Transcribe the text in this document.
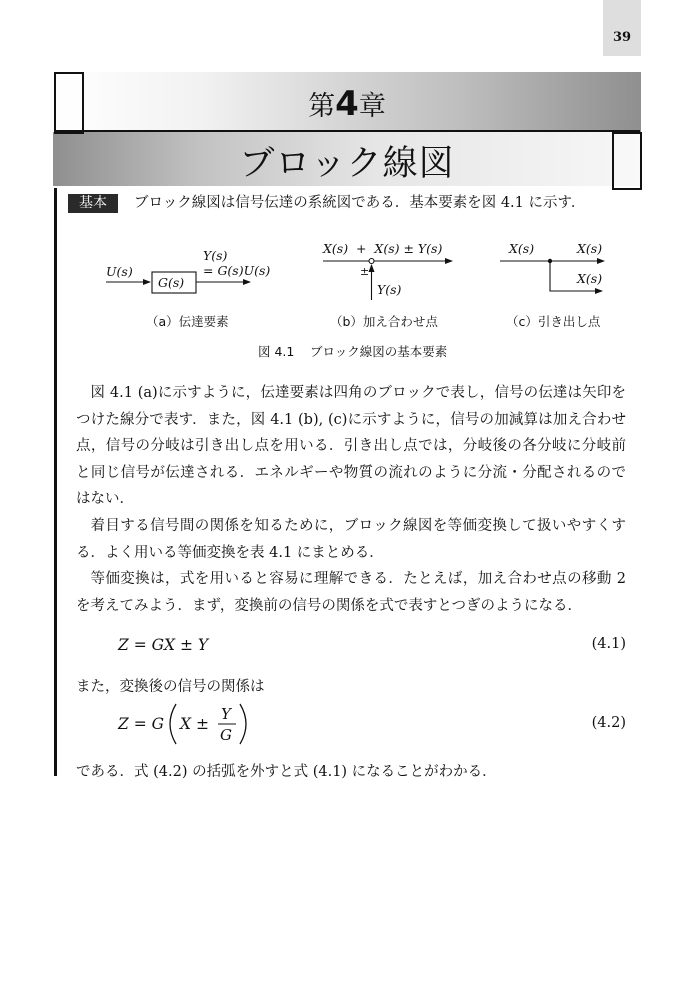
39
第4章
ブロック線図
基本	ブロック線図は信号伝達の系統図である．基本要素を図 4.1 に示す．
U(s)
G(s)
Y(s)
= G(s)U(s)
（a）伝達要素
X(s)  +  X(s) ± Y(s)
±
Y(s)
（b）加え合わせ点
X(s)	X(s)
X(s)
（c）引き出し点
図 4.1 ブロック線図の基本要素

図 4.1 (a)に示すように，伝達要素は四角のブロックで表し，信号の伝達は矢印をつけた線分で表す．また，図 4.1 (b), (c)に示すように，信号の加減算は加え合わせ点，信号の分岐は引き出し点を用いる．引き出し点では，分岐後の各分岐に分岐前と同じ信号が伝達される．エネルギーや物質の流れのように分流・分配されるのではない．

着目する信号間の関係を知るために，ブロック線図を等価変換して扱いやすくする．よく用いる等価変換を表 4.1 にまとめる．

等価変換は，式を用いると容易に理解できる．たとえば，加え合わせ点の移動 2 を考えてみよう．まず，変換前の信号の関係を式で表すとつぎのようになる．

Z = GX ± Y	(4.1)
また，変換後の信号の関係は
Z = G X ±
Y
G
(4.2)
である．式 (4.2) の括弧を外すと式 (4.1) になることがわかる．
